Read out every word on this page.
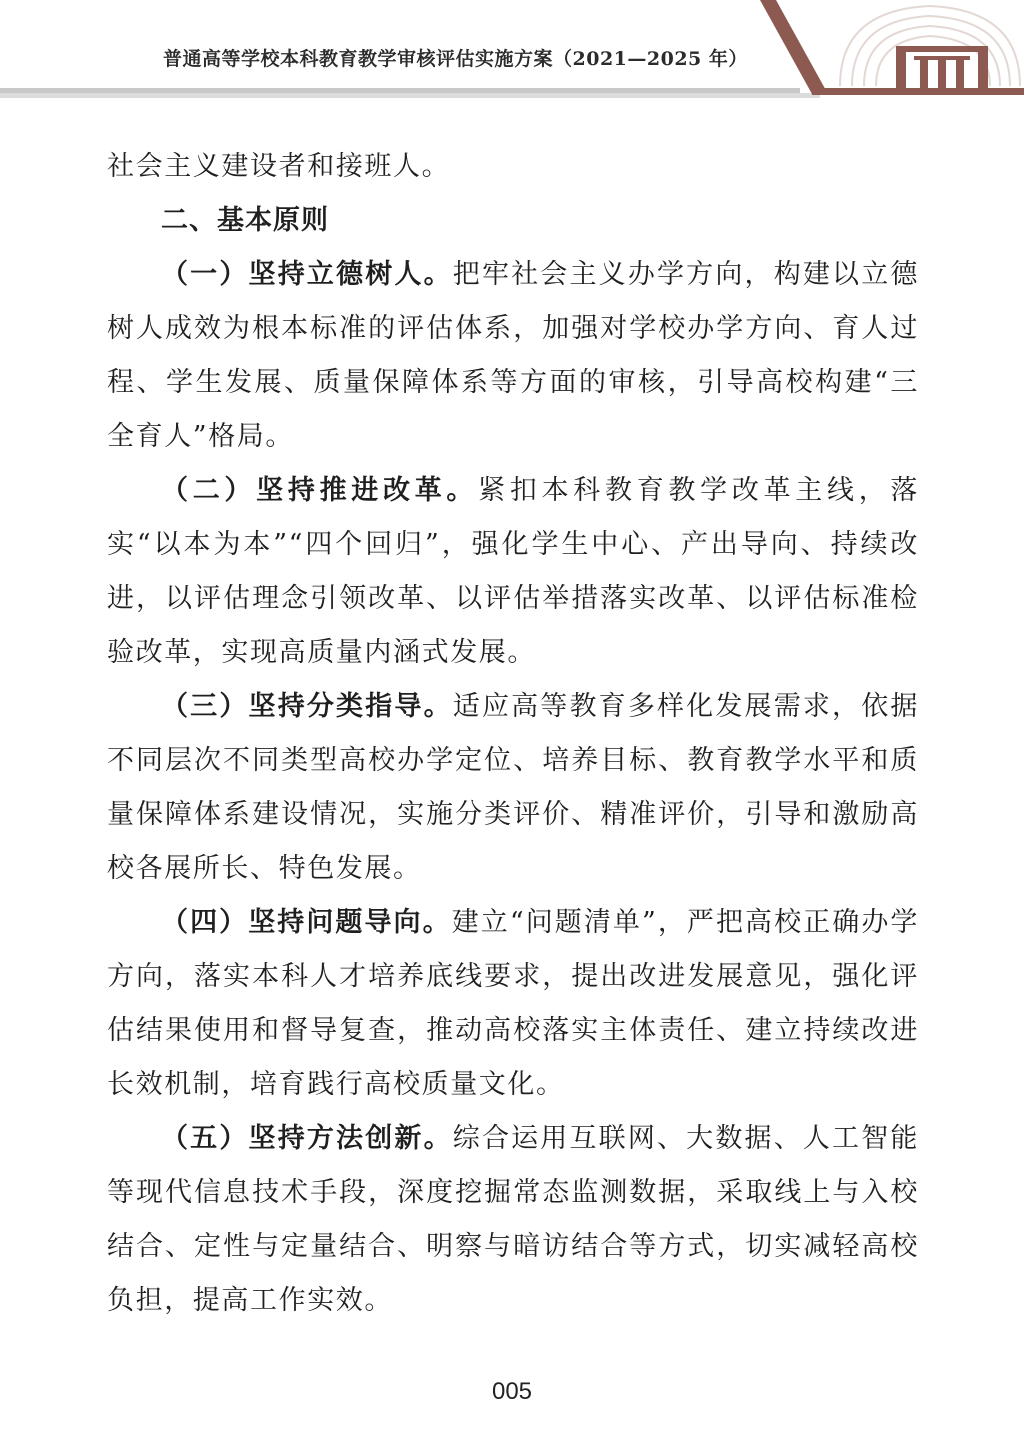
普通高等学校本科教育教学审核评估实施方案（2021—2025 年）

社会主义建设者和接班人。

二、基本原则

（一）坚持立德树人。把牢社会主义办学方向，构建以立德树人成效为根本标准的评估体系，加强对学校办学方向、育人过程、学生发展、质量保障体系等方面的审核，引导高校构建“三全育人”格局。

（二）坚持推进改革。紧扣本科教育教学改革主线，落实“以本为本”“四个回归”，强化学生中心、产出导向、持续改进，以评估理念引领改革、以评估举措落实改革、以评估标准检验改革，实现高质量内涵式发展。

（三）坚持分类指导。适应高等教育多样化发展需求，依据不同层次不同类型高校办学定位、培养目标、教育教学水平和质量保障体系建设情况，实施分类评价、精准评价，引导和激励高校各展所长、特色发展。

（四）坚持问题导向。建立“问题清单”，严把高校正确办学方向，落实本科人才培养底线要求，提出改进发展意见，强化评估结果使用和督导复查，推动高校落实主体责任、建立持续改进长效机制，培育践行高校质量文化。

（五）坚持方法创新。综合运用互联网、大数据、人工智能等现代信息技术手段，深度挖掘常态监测数据，采取线上与入校结合、定性与定量结合、明察与暗访结合等方式，切实减轻高校负担，提高工作实效。

005
